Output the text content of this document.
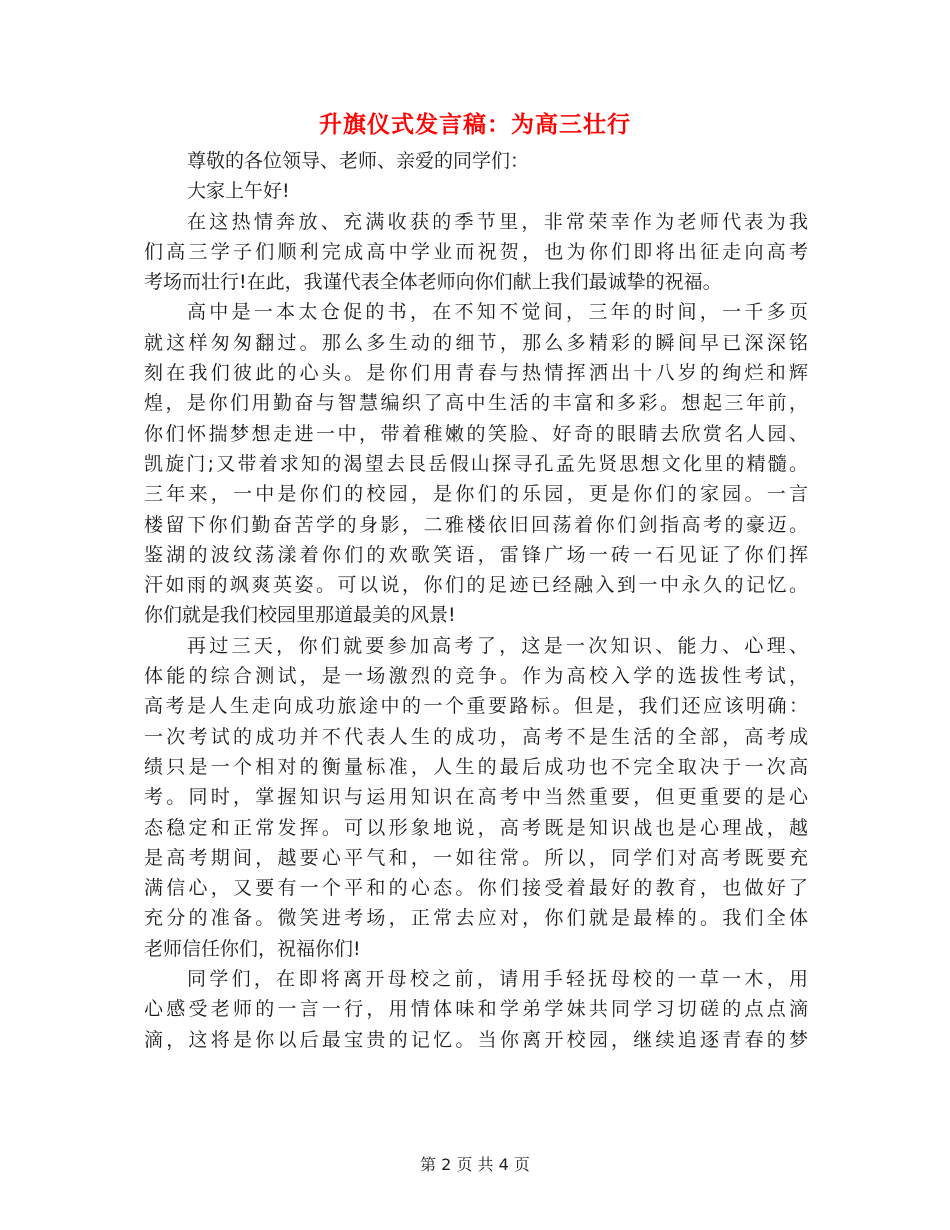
升旗仪式发言稿：为高三壮行
尊敬的各位领导、老师、亲爱的同学们：
大家上午好!
在这热情奔放、充满收获的季节里，非常荣幸作为老师代表为我
们高三学子们顺利完成高中学业而祝贺，也为你们即将出征走向高考
考场而壮行!在此，我谨代表全体老师向你们献上我们最诚挚的祝福。
高中是一本太仓促的书，在不知不觉间，三年的时间，一千多页
就这样匆匆翻过。那么多生动的细节，那么多精彩的瞬间早已深深铭
刻在我们彼此的心头。是你们用青春与热情挥洒出十八岁的绚烂和辉
煌，是你们用勤奋与智慧编织了高中生活的丰富和多彩。想起三年前，
你们怀揣梦想走进一中，带着稚嫩的笑脸、好奇的眼睛去欣赏名人园、
凯旋门;又带着求知的渴望去艮岳假山探寻孔孟先贤思想文化里的精髓。
三年来，一中是你们的校园，是你们的乐园，更是你们的家园。一言
楼留下你们勤奋苦学的身影，二雅楼依旧回荡着你们剑指高考的豪迈。
鉴湖的波纹荡漾着你们的欢歌笑语，雷锋广场一砖一石见证了你们挥
汗如雨的飒爽英姿。可以说，你们的足迹已经融入到一中永久的记忆。
你们就是我们校园里那道最美的风景!
再过三天，你们就要参加高考了，这是一次知识、能力、心理、
体能的综合测试，是一场激烈的竞争。作为高校入学的选拔性考试，
高考是人生走向成功旅途中的一个重要路标。但是，我们还应该明确：
一次考试的成功并不代表人生的成功，高考不是生活的全部，高考成
绩只是一个相对的衡量标准，人生的最后成功也不完全取决于一次高
考。同时，掌握知识与运用知识在高考中当然重要，但更重要的是心
态稳定和正常发挥。可以形象地说，高考既是知识战也是心理战，越
是高考期间，越要心平气和，一如往常。所以，同学们对高考既要充
满信心，又要有一个平和的心态。你们接受着最好的教育，也做好了
充分的准备。微笑进考场，正常去应对，你们就是最棒的。我们全体
老师信任你们，祝福你们!
同学们，在即将离开母校之前，请用手轻抚母校的一草一木，用
心感受老师的一言一行，用情体味和学弟学妹共同学习切磋的点点滴
滴，这将是你以后最宝贵的记忆。当你离开校园，继续追逐青春的梦
第 2 页 共 4 页
